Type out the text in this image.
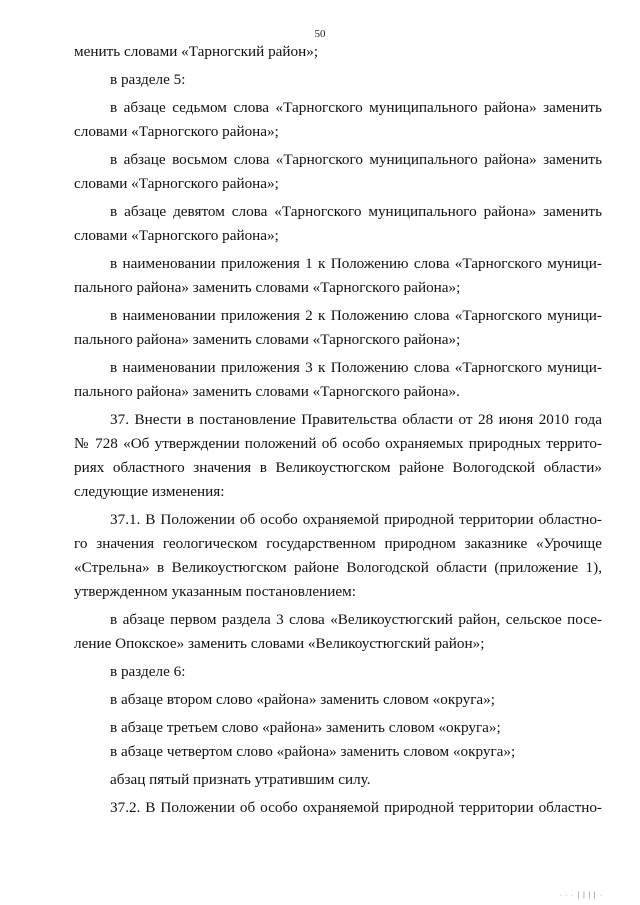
50
менить словами «Тарногский район»;
в разделе 5:
в абзаце седьмом слова «Тарногского муниципального района» заменить
словами «Тарногского района»;
в абзаце восьмом слова «Тарногского муниципального района» заменить
словами «Тарногского района»;
в абзаце девятом слова «Тарногского муниципального района» заменить
словами «Тарногского района»;
в наименовании приложения 1 к Положению слова «Тарногского муници-
пального района» заменить словами «Тарногского района»;
в наименовании приложения 2 к Положению слова «Тарногского муници-
пального района» заменить словами «Тарногского района»;
в наименовании приложения 3 к Положению слова «Тарногского муници-
пального района» заменить словами «Тарногского района».
37. Внести в постановление Правительства области от 28 июня 2010 года
№ 728 «Об утверждении положений об особо охраняемых природных террито-
риях областного значения в Великоустюгском районе Вологодской области»
следующие изменения:
37.1. В Положении об особо охраняемой природной территории областно-
го значения геологическом государственном природном заказнике «Урочище
«Стрельна» в Великоустюгском районе Вологодской области (приложение 1),
утвержденном указанным постановлением:
в абзаце первом раздела 3 слова «Великоустюгский район, сельское посе-
ление Опокское» заменить словами «Великоустюгский район»;
в разделе 6:
в абзаце втором слово «района» заменить словом «округа»;
в абзаце третьем слово «района» заменить словом «округа»;
в абзаце четвертом слово «района» заменить словом «округа»;
абзац пятый признать утратившим силу.
37.2. В Положении об особо охраняемой природной территории областно-
· · · ││││ ·
